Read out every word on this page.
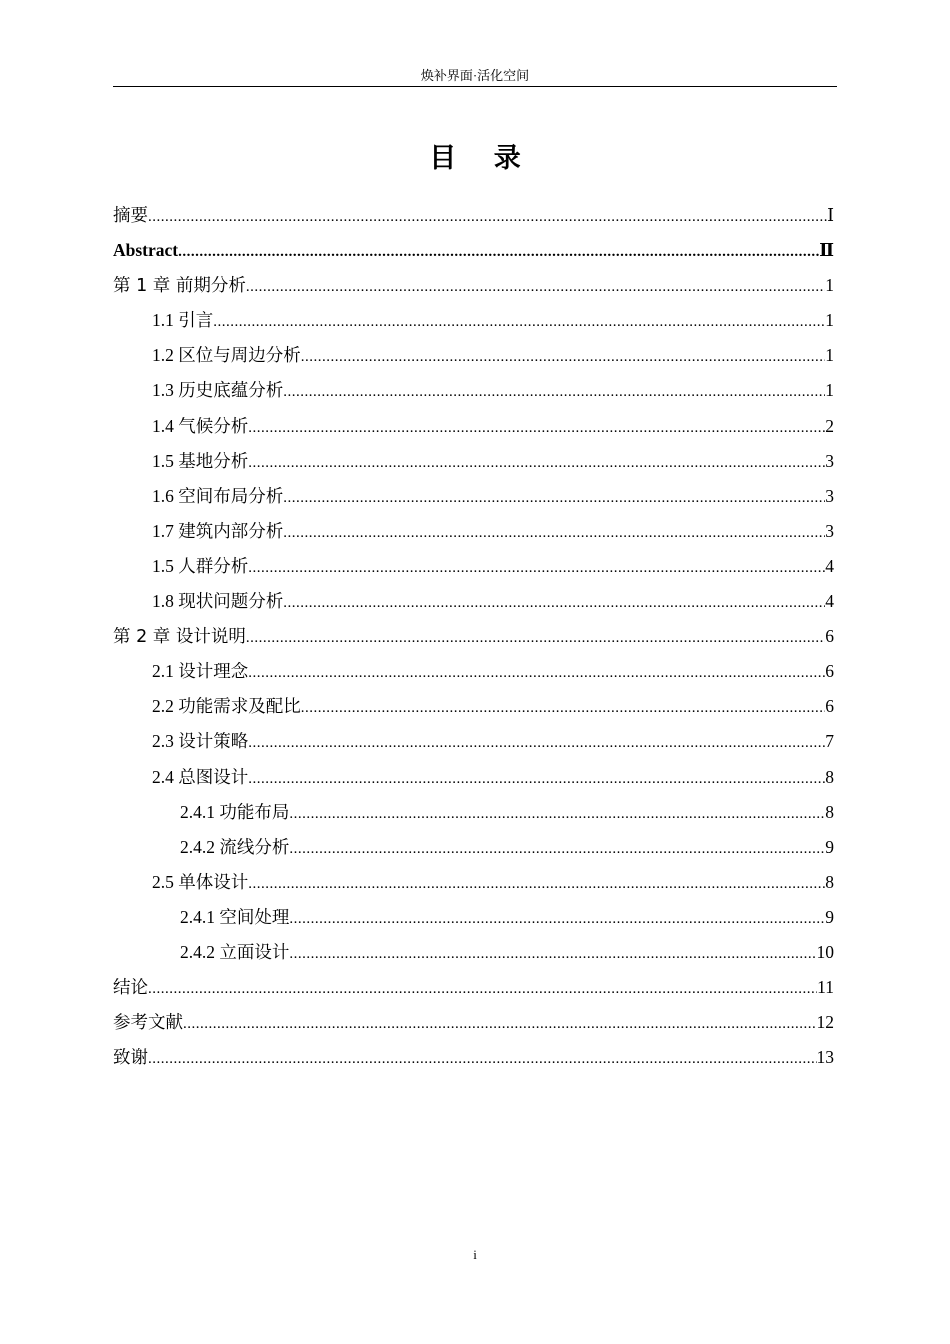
焕补界面·活化空间
目 录
摘要 .....	Ⅰ
Abstract .....	Ⅱ
第 1 章 前期分析 .....	1
1.1 引言 .....	1
1.2 区位与周边分析 .....	1
1.3 历史底蕴分析 .....	1
1.4 气候分析 .....	2
1.5 基地分析 .....	3
1.6 空间布局分析 .....	3
1.7 建筑内部分析 .....	3
1.5 人群分析 .....	4
1.8 现状问题分析 .....	4
第 2 章 设计说明 .....	6
2.1 设计理念 .....	6
2.2 功能需求及配比 .....	6
2.3 设计策略 .....	7
2.4 总图设计 .....	8
2.4.1 功能布局 .....	8
2.4.2 流线分析 .....	9
2.5 单体设计 .....	8
2.4.1 空间处理 .....	9
2.4.2 立面设计 .....	10
结论 .....	11
参考文献 .....	12
致谢 .....	13
i
